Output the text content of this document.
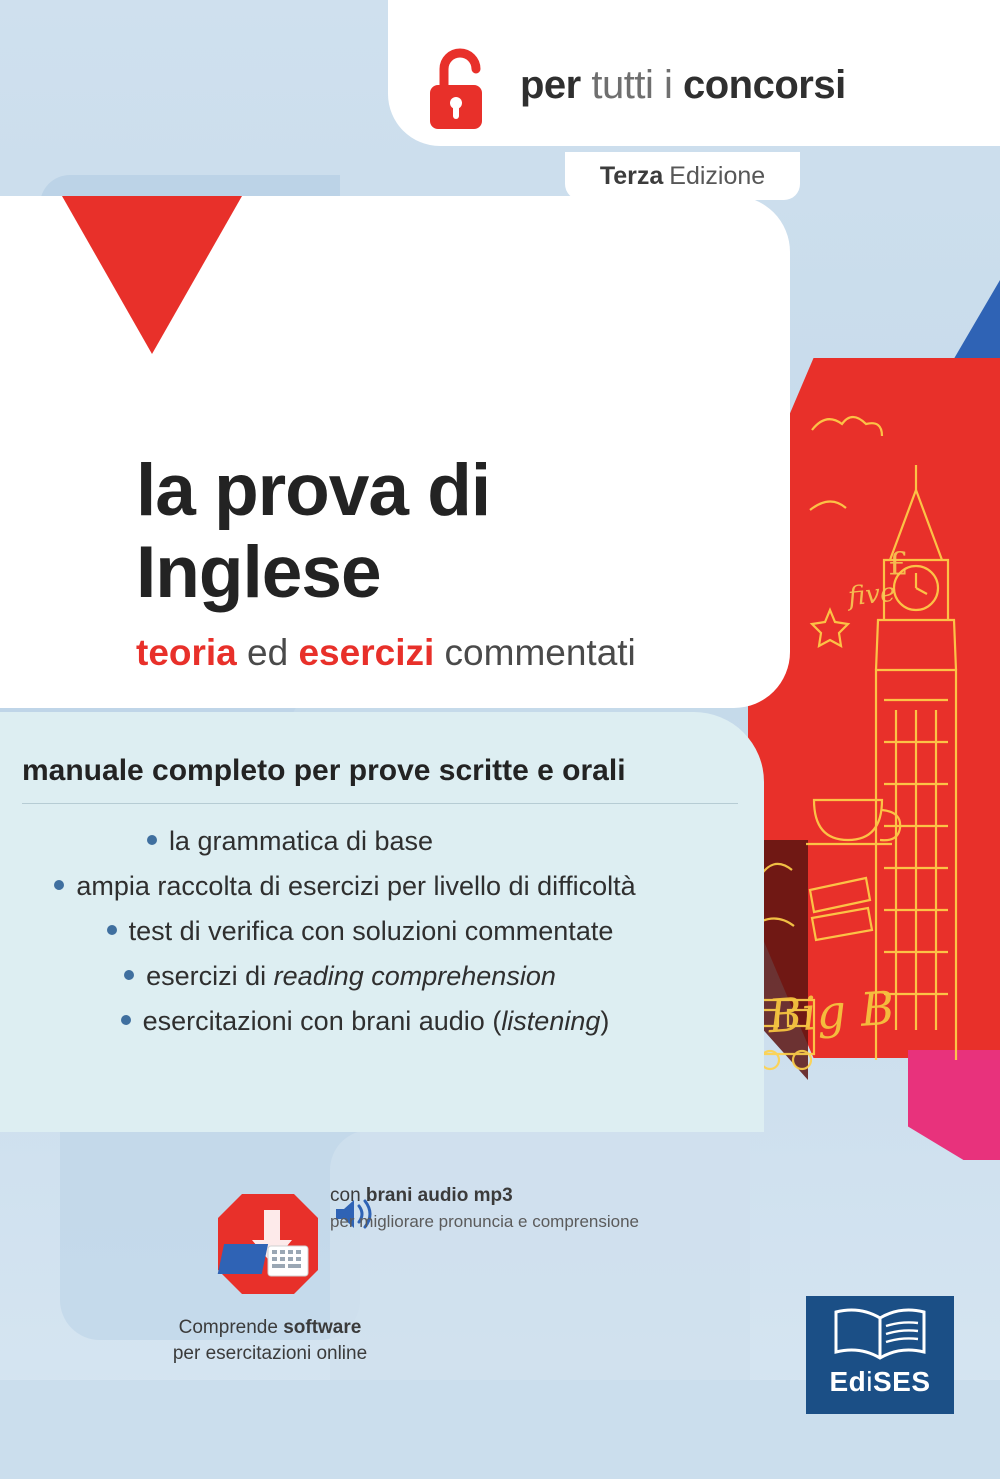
£
five
Big B
per tutti i concorsi
Terza Edizione
la prova di
Inglese
teoria ed esercizi commentati
manuale completo per prove scritte e orali
la grammatica di base
ampia raccolta di esercizi per livello di difficoltà
test di verifica con soluzioni commentate
esercizi di reading comprehension
esercitazioni con brani audio (listening)
Comprende software
per esercitazioni online
con brani audio mp3
per migliorare pronuncia e comprensione
EdiSES
